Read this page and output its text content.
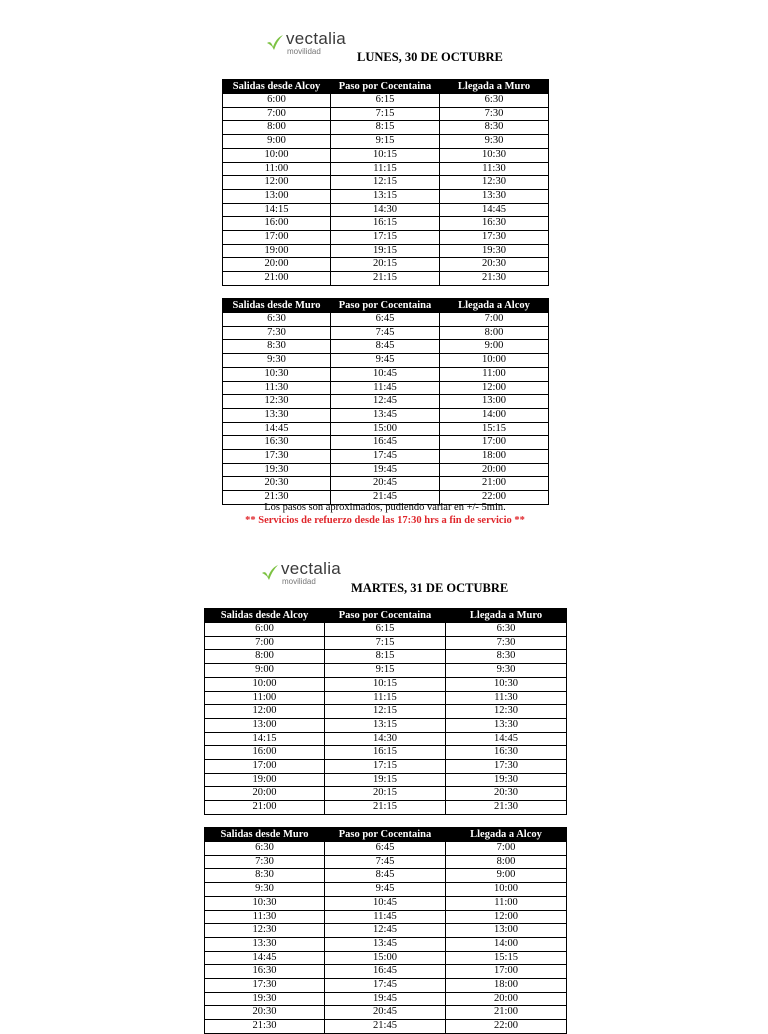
vectalia
movilidad	LUNES, 30 DE OCTUBRE
Salidas desde Alcoy	Paso por Cocentaina	Llegada a Muro
6:00	6:15	6:30
7:00	7:15	7:30
8:00	8:15	8:30
9:00	9:15	9:30
10:00	10:15	10:30
11:00	11:15	11:30
12:00	12:15	12:30
13:00	13:15	13:30
14:15	14:30	14:45
16:00	16:15	16:30
17:00	17:15	17:30
19:00	19:15	19:30
20:00	20:15	20:30
21:00	21:15	21:30
Salidas desde Muro	Paso por Cocentaina	Llegada a Alcoy
6:30	6:45	7:00
7:30	7:45	8:00
8:30	8:45	9:00
9:30	9:45	10:00
10:30	10:45	11:00
11:30	11:45	12:00
12:30	12:45	13:00
13:30	13:45	14:00
14:45	15:00	15:15
16:30	16:45	17:00
17:30	17:45	18:00
19:30	19:45	20:00
20:30	20:45	21:00
21:30	21:45	22:00
Los pasos son aproximados, pudiendo variar en +/- 5min.
** Servicios de refuerzo desde las 17:30 hrs a fin de servicio **
vectalia
movilidad	MARTES, 31 DE OCTUBRE
Salidas desde Alcoy	Paso por Cocentaina	Llegada a Muro
6:00	6:15	6:30
7:00	7:15	7:30
8:00	8:15	8:30
9:00	9:15	9:30
10:00	10:15	10:30
11:00	11:15	11:30
12:00	12:15	12:30
13:00	13:15	13:30
14:15	14:30	14:45
16:00	16:15	16:30
17:00	17:15	17:30
19:00	19:15	19:30
20:00	20:15	20:30
21:00	21:15	21:30
Salidas desde Muro	Paso por Cocentaina	Llegada a Alcoy
6:30	6:45	7:00
7:30	7:45	8:00
8:30	8:45	9:00
9:30	9:45	10:00
10:30	10:45	11:00
11:30	11:45	12:00
12:30	12:45	13:00
13:30	13:45	14:00
14:45	15:00	15:15
16:30	16:45	17:00
17:30	17:45	18:00
19:30	19:45	20:00
20:30	20:45	21:00
21:30	21:45	22:00
